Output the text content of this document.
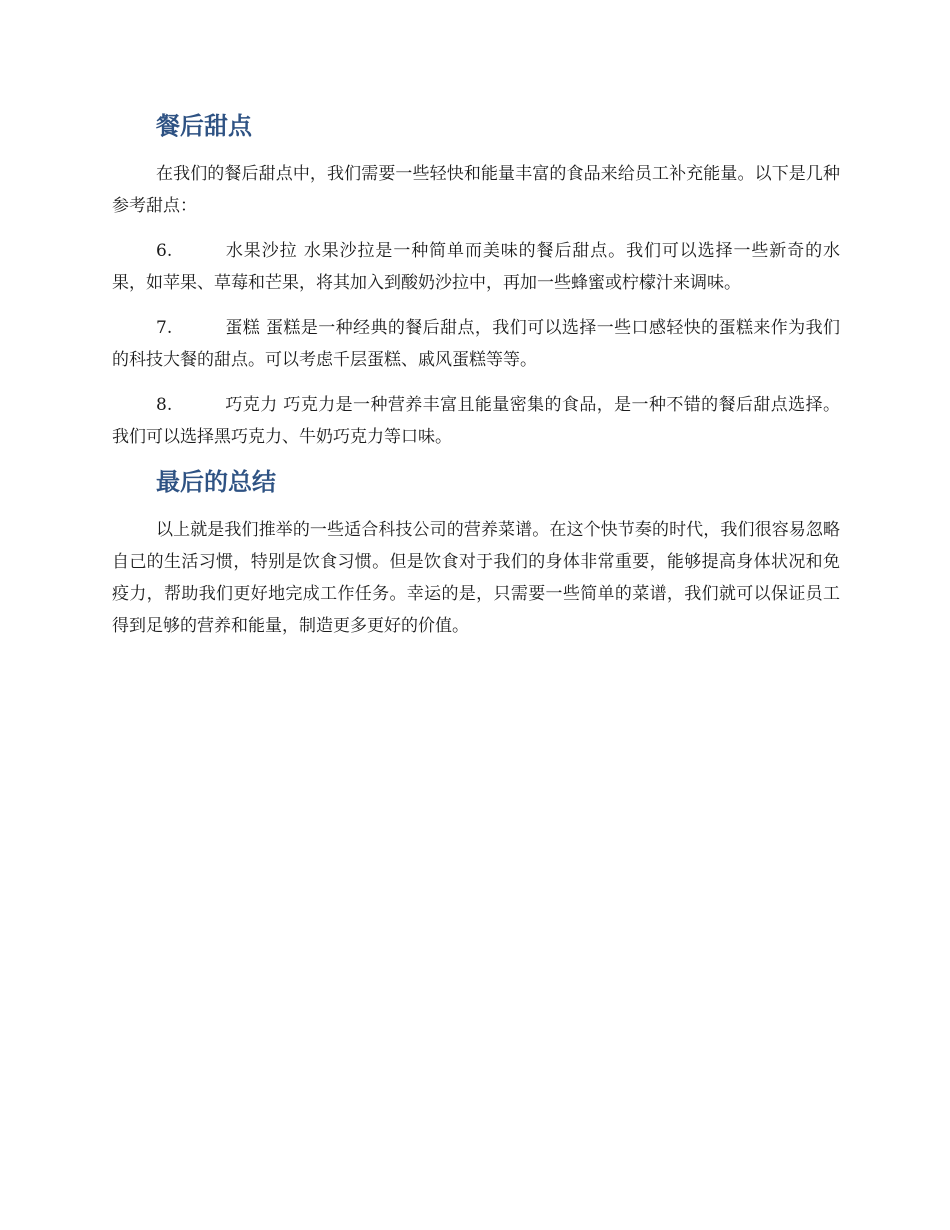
餐后甜点

在我们的餐后甜点中，我们需要一些轻快和能量丰富的食品来给员工补充能量。以下是几种参考甜点：

6.	水果沙拉 水果沙拉是一种简单而美味的餐后甜点。我们可以选择一些新奇的水果，如苹果、草莓和芒果，将其加入到酸奶沙拉中，再加一些蜂蜜或柠檬汁来调味。

7.	蛋糕 蛋糕是一种经典的餐后甜点，我们可以选择一些口感轻快的蛋糕来作为我们的科技大餐的甜点。可以考虑千层蛋糕、戚风蛋糕等等。

8.	巧克力 巧克力是一种营养丰富且能量密集的食品，是一种不错的餐后甜点选择。我们可以选择黑巧克力、牛奶巧克力等口味。

最后的总结

以上就是我们推举的一些适合科技公司的营养菜谱。在这个快节奏的时代，我们很容易忽略自己的生活习惯，特别是饮食习惯。但是饮食对于我们的身体非常重要，能够提高身体状况和免疫力，帮助我们更好地完成工作任务。幸运的是，只需要一些简单的菜谱，我们就可以保证员工得到足够的营养和能量，制造更多更好的价值。
